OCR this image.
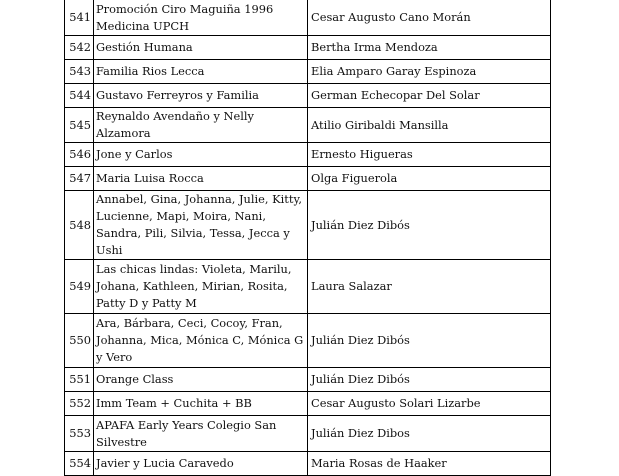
541	Promoción Ciro Maguiña 1996 Medicina UPCH	Cesar Augusto Cano Morán
542	Gestión Humana	Bertha Irma Mendoza
543	Familia Rios Lecca	Elia Amparo Garay Espinoza
544	Gustavo Ferreyros y Familia	German Echecopar Del Solar
545	Reynaldo Avendaño y Nelly Alzamora	Atilio Giribaldi Mansilla
546	Jone y Carlos	Ernesto Higueras
547	Maria Luisa Rocca	Olga Figuerola
548	Annabel, Gina, Johanna, Julie, Kitty, Lucienne, Mapi, Moira, Nani, Sandra, Pili, Silvia, Tessa, Jecca y Ushi	Julián Diez Dibós
549	Las chicas lindas: Violeta, Marilu, Johana, Kathleen, Mirian, Rosita, Patty D y Patty M	Laura Salazar
550	Ara, Bárbara, Ceci, Cocoy, Fran, Johanna, Mica, Mónica C, Mónica G y Vero	Julián Diez Dibós
551	Orange Class	Julián Diez Dibós
552	Imm Team + Cuchita + BB	Cesar Augusto Solari Lizarbe
553	APAFA Early Years Colegio San Silvestre	Julián Diez Dibos
554	Javier y Lucia Caravedo	Maria Rosas de Haaker
